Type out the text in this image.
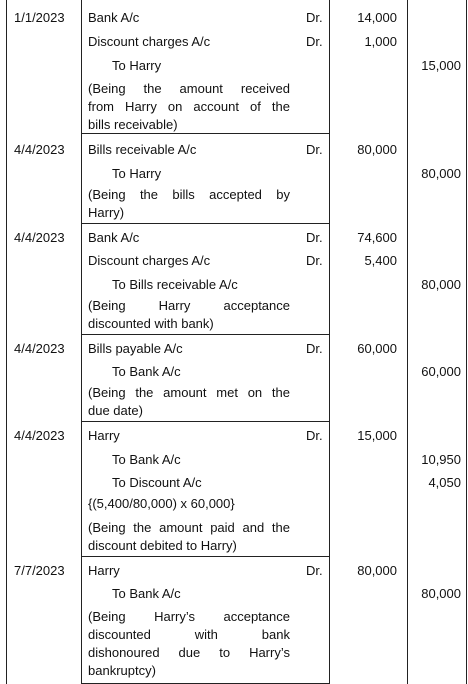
1/1/2023 Bank A/c	Dr.	14,000
Discount charges A/c	Dr.	1,000
To Harry	15,000
(Being the amount received
from Harry on account of the
bills receivable)
4/4/2023 Bills receivable A/c	Dr.	80,000
To Harry	80,000
(Being the bills accepted by
Harry)
4/4/2023 Bank A/c	Dr.	74,600
Discount charges A/c	Dr.	5,400
To Bills receivable A/c	80,000
(Being Harry acceptance
discounted with bank)
4/4/2023 Bills payable A/c	Dr.	60,000
To Bank A/c	60,000
(Being the amount met on the
due date)
4/4/2023 Harry	Dr.	15,000
To Bank A/c	10,950
To Discount A/c	4,050
{(5,400/80,000) x 60,000}
(Being the amount paid and the
discount debited to Harry)
7/7/2023 Harry	Dr.	80,000
To Bank A/c	80,000
(Being Harry’s acceptance
discounted with bank
dishonoured due to Harry’s
bankruptcy)
